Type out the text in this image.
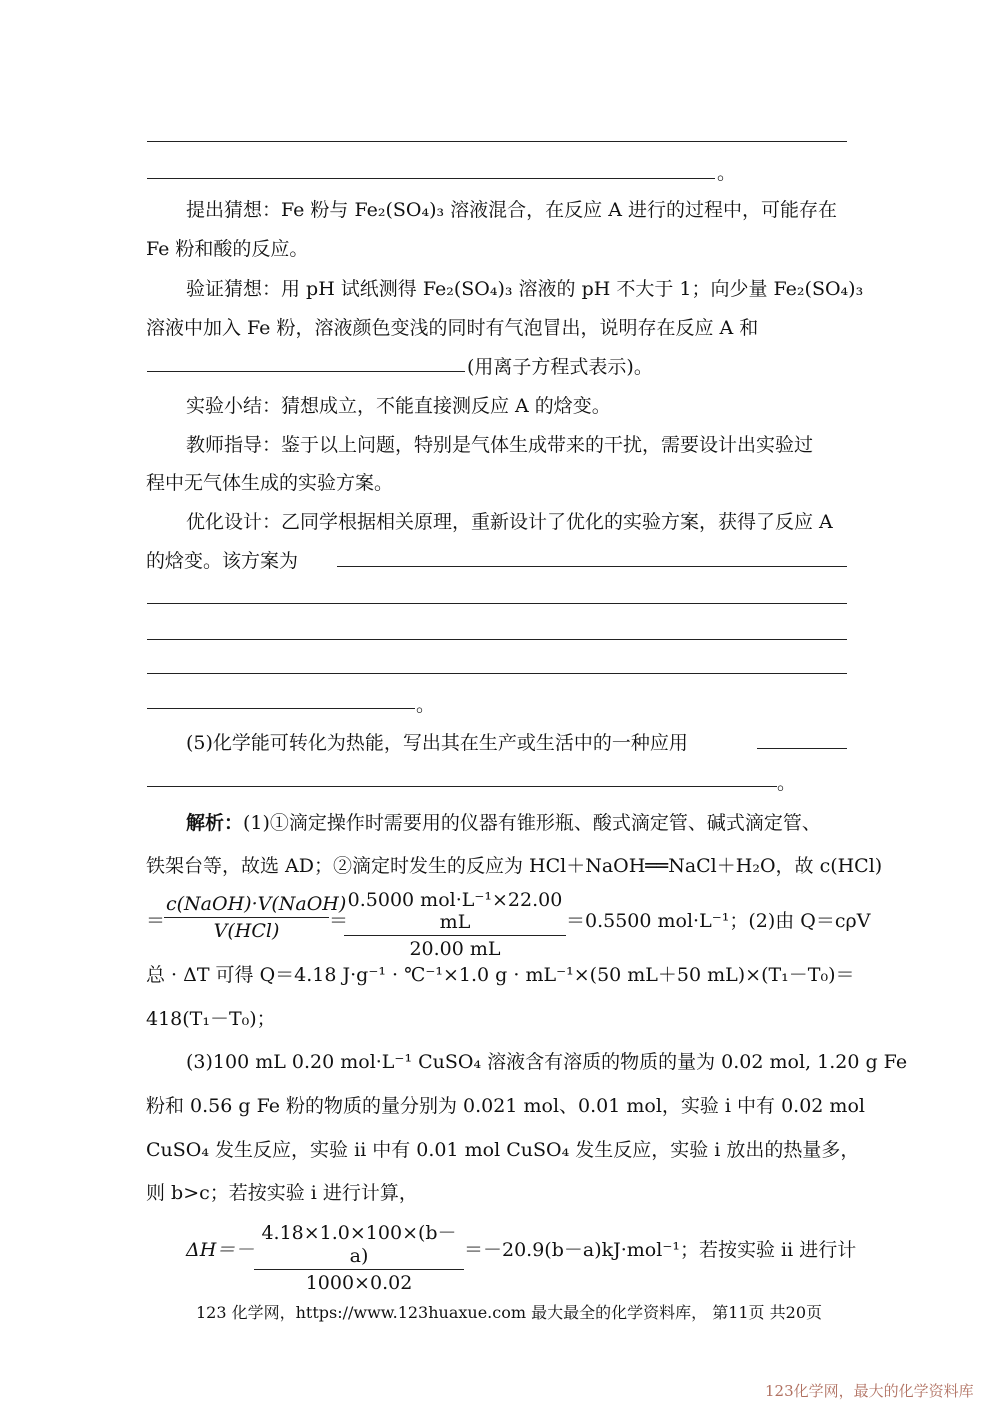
。
提出猜想：Fe 粉与 Fe₂(SO₄)₃ 溶液混合，在反应 A 进行的过程中，可能存在
Fe 粉和酸的反应。
验证猜想：用 pH 试纸测得 Fe₂(SO₄)₃ 溶液的 pH 不大于 1；向少量 Fe₂(SO₄)₃
溶液中加入 Fe 粉，溶液颜色变浅的同时有气泡冒出，说明存在反应 A 和
(用离子方程式表示)。
实验小结：猜想成立，不能直接测反应 A 的焓变。
教师指导：鉴于以上问题，特别是气体生成带来的干扰，需要设计出实验过
程中无气体生成的实验方案。
优化设计：乙同学根据相关原理，重新设计了优化的实验方案，获得了反应 A
的焓变。该方案为
。
(5)化学能可转化为热能，写出其在生产或生活中的一种应用
。
解析：(1)①滴定操作时需要用的仪器有锥形瓶、酸式滴定管、碱式滴定管、
铁架台等，故选 AD；②滴定时发生的反应为 HCl＋NaOH══NaCl＋H₂O，故 c(HCl)
＝
c(NaOH)·V(NaOH)
V(HCl)	＝
0.5000 mol·L⁻¹×22.00 mL
20.00 mL
＝0.5500 mol·L⁻¹；(2)由 Q＝cρV
总 · ΔT 可得 Q＝4.18 J·g⁻¹ · ℃⁻¹×1.0 g · mL⁻¹×(50 mL＋50 mL)×(T₁－T₀)＝
418(T₁－T₀)；
(3)100 mL 0.20 mol·L⁻¹ CuSO₄ 溶液含有溶质的物质的量为 0.02 mol, 1.20 g Fe
粉和 0.56 g Fe 粉的物质的量分别为 0.021 mol、0.01 mol，实验 ⅰ 中有 0.02 mol
CuSO₄ 发生反应，实验 ⅱ 中有 0.01 mol CuSO₄ 发生反应，实验 ⅰ 放出的热量多，
则 b>c；若按实验 ⅰ 进行计算，
ΔH＝－
4.18×1.0×100×(b－a)
1000×0.02
＝－20.9(b－a)kJ·mol⁻¹；若按实验 ⅱ 进行计
123 化学网，https://www.123huaxue.com 最大最全的化学资料库， 第11页 共20页
123化学网，最大的化学资料库
